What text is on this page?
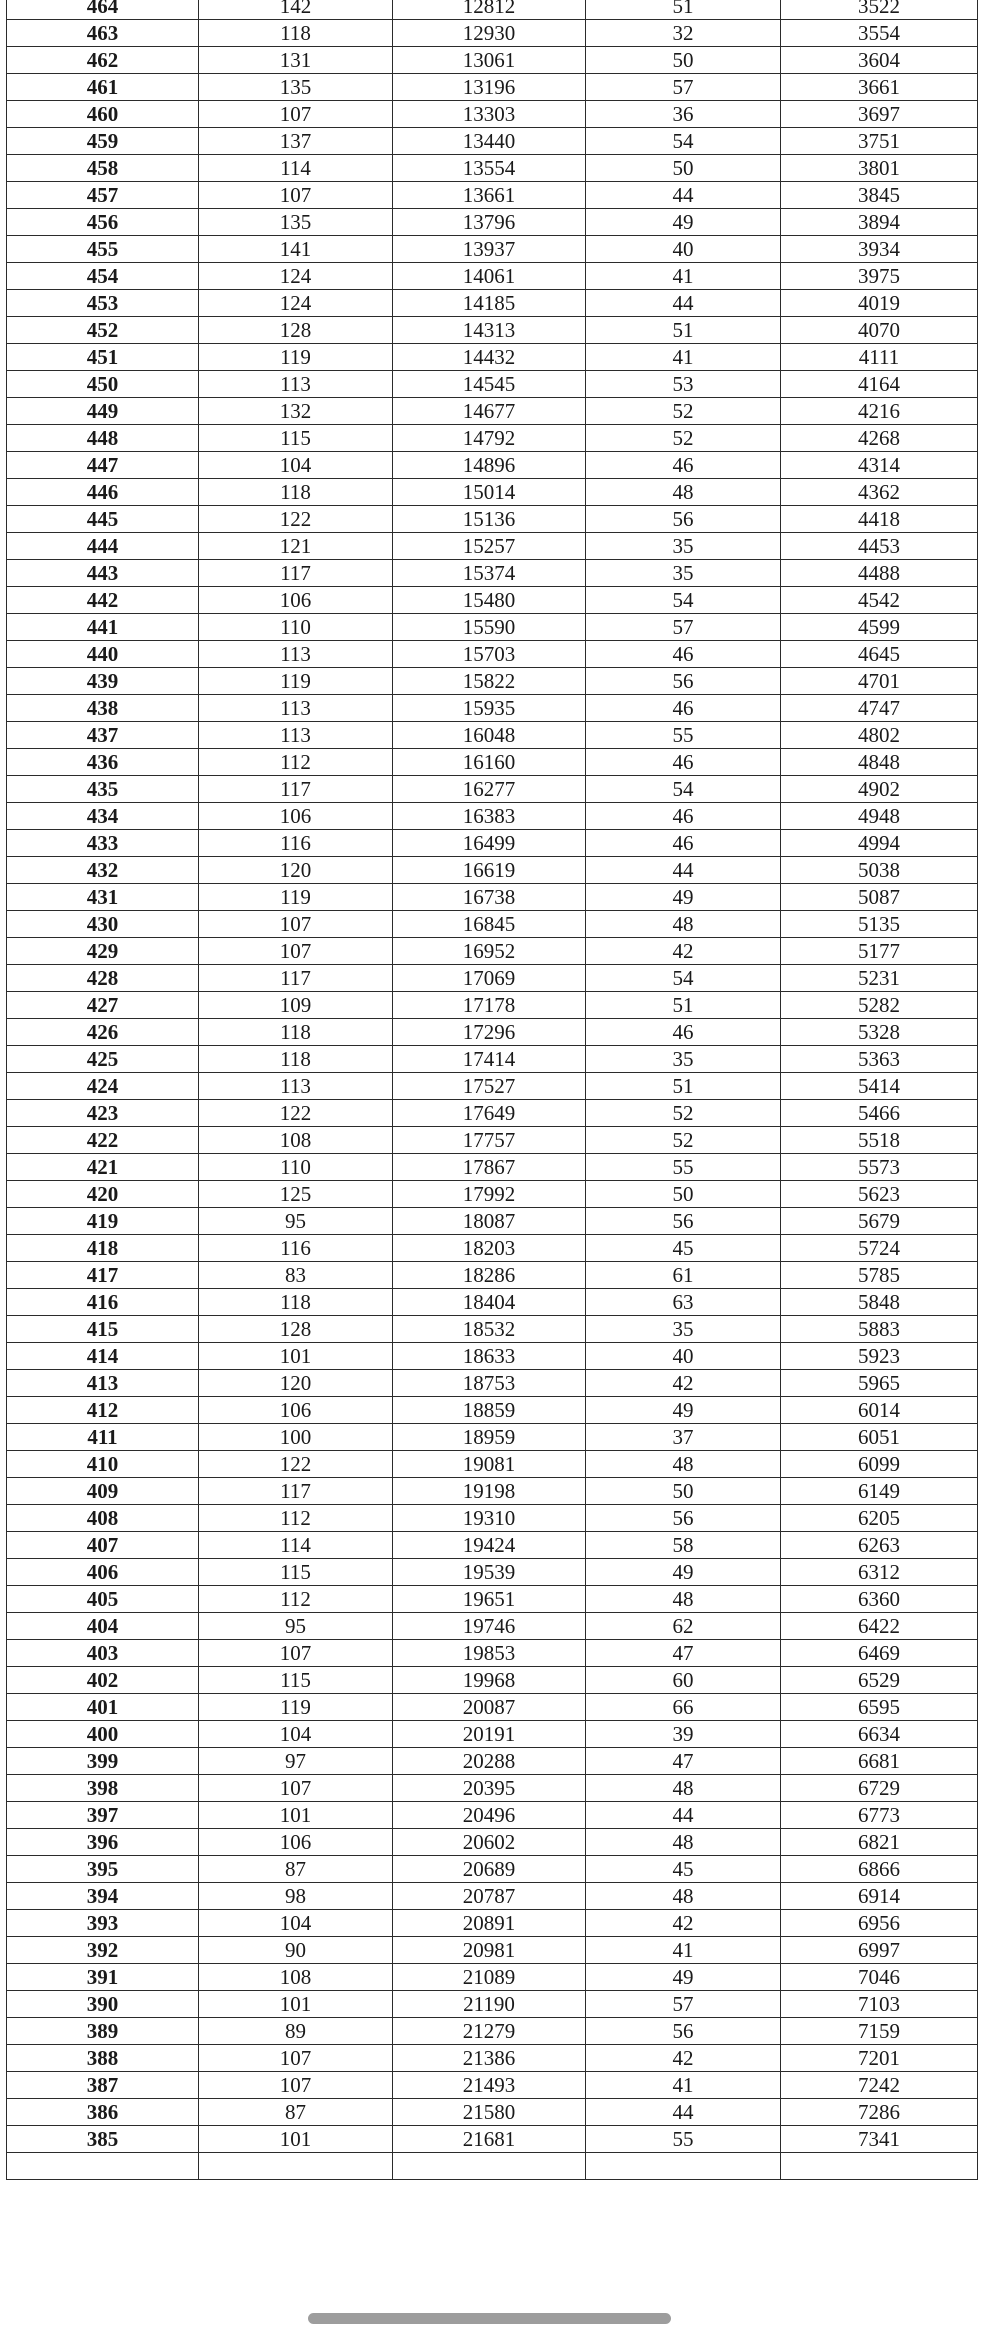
464	142	12812	51	3522
463	118	12930	32	3554
462	131	13061	50	3604
461	135	13196	57	3661
460	107	13303	36	3697
459	137	13440	54	3751
458	114	13554	50	3801
457	107	13661	44	3845
456	135	13796	49	3894
455	141	13937	40	3934
454	124	14061	41	3975
453	124	14185	44	4019
452	128	14313	51	4070
451	119	14432	41	4111
450	113	14545	53	4164
449	132	14677	52	4216
448	115	14792	52	4268
447	104	14896	46	4314
446	118	15014	48	4362
445	122	15136	56	4418
444	121	15257	35	4453
443	117	15374	35	4488
442	106	15480	54	4542
441	110	15590	57	4599
440	113	15703	46	4645
439	119	15822	56	4701
438	113	15935	46	4747
437	113	16048	55	4802
436	112	16160	46	4848
435	117	16277	54	4902
434	106	16383	46	4948
433	116	16499	46	4994
432	120	16619	44	5038
431	119	16738	49	5087
430	107	16845	48	5135
429	107	16952	42	5177
428	117	17069	54	5231
427	109	17178	51	5282
426	118	17296	46	5328
425	118	17414	35	5363
424	113	17527	51	5414
423	122	17649	52	5466
422	108	17757	52	5518
421	110	17867	55	5573
420	125	17992	50	5623
419	95	18087	56	5679
418	116	18203	45	5724
417	83	18286	61	5785
416	118	18404	63	5848
415	128	18532	35	5883
414	101	18633	40	5923
413	120	18753	42	5965
412	106	18859	49	6014
411	100	18959	37	6051
410	122	19081	48	6099
409	117	19198	50	6149
408	112	19310	56	6205
407	114	19424	58	6263
406	115	19539	49	6312
405	112	19651	48	6360
404	95	19746	62	6422
403	107	19853	47	6469
402	115	19968	60	6529
401	119	20087	66	6595
400	104	20191	39	6634
399	97	20288	47	6681
398	107	20395	48	6729
397	101	20496	44	6773
396	106	20602	48	6821
395	87	20689	45	6866
394	98	20787	48	6914
393	104	20891	42	6956
392	90	20981	41	6997
391	108	21089	49	7046
390	101	21190	57	7103
389	89	21279	56	7159
388	107	21386	42	7201
387	107	21493	41	7242
386	87	21580	44	7286
385	101	21681	55	7341
